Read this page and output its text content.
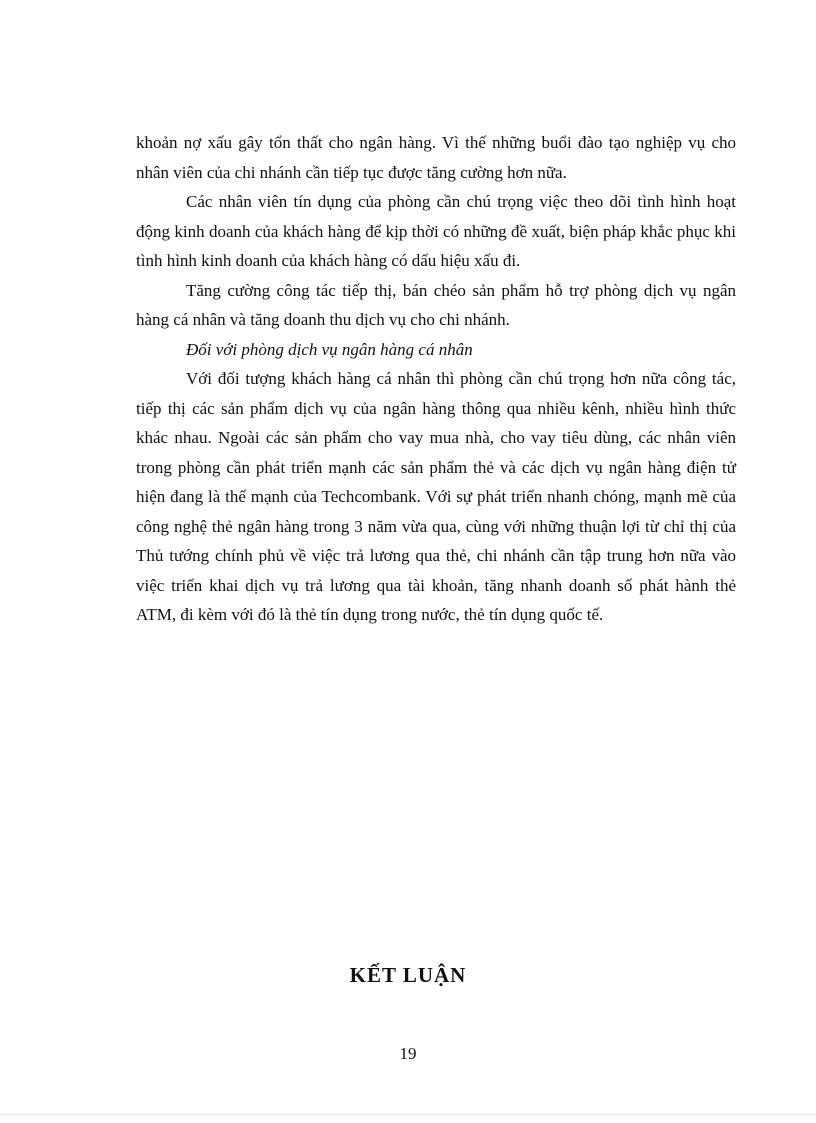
khoản nợ xấu gây tổn thất cho ngân hàng. Vì thế những buổi đào tạo nghiệp vụ cho nhân viên của chi nhánh cần tiếp tục được tăng cường hơn nữa.

Các nhân viên tín dụng của phòng cần chú trọng việc theo dõi tình hình hoạt động kinh doanh của khách hàng để kịp thời có những đề xuất, biện pháp khắc phục khi tình hình kinh doanh của khách hàng có dấu hiệu xấu đi.

Tăng cường công tác tiếp thị, bán chéo sản phẩm hỗ trợ phòng dịch vụ ngân hàng cá nhân và tăng doanh thu dịch vụ cho chi nhánh.

Đối với phòng dịch vụ ngân hàng cá nhân

Với đối tượng khách hàng cá nhân thì phòng cần chú trọng hơn nữa công tác, tiếp thị các sản phẩm dịch vụ của ngân hàng thông qua nhiều kênh, nhiều hình thức khác nhau. Ngoài các sản phẩm cho vay mua nhà, cho vay tiêu dùng, các nhân viên trong phòng cần phát triển mạnh các sản phẩm thẻ và các dịch vụ ngân hàng điện tử hiện đang là thế mạnh của Techcombank. Với sự phát triển nhanh chóng, mạnh mẽ của công nghệ thẻ ngân hàng trong 3 năm vừa qua, cùng với những thuận lợi từ chỉ thị của Thủ tướng chính phủ về việc trả lương qua thẻ, chi nhánh cần tập trung hơn nữa vào việc triển khai dịch vụ trả lương qua tài khoản, tăng nhanh doanh số phát hành thẻ ATM, đi kèm với đó là thẻ tín dụng trong nước, thẻ tín dụng quốc tế.

KẾT LUẬN

19
